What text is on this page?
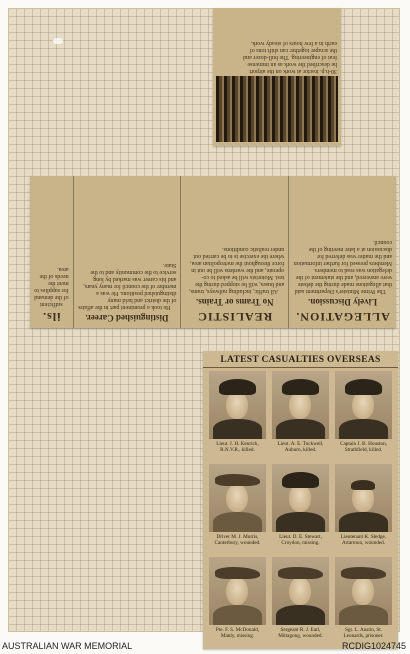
30-h.p. tractor at work on the airport
he described the work as an immense
feat of engineering. The bull-dozer and
the scraper together can shift tons of
earth in a few hours of steady work.
ALLEGATION.
Lively Discussion.
The Prime Minister's Department said that allegations made during the debate were answered, and the statement of the delegation was read to members. Members pressed for further information and the matter was deferred for discussion at a later meeting of the council.
REALISTIC
No Trams or Trains.
All traffic, including railways, trams, and buses, will be stopped during the test. Motorists will be asked to co-operate, and the wardens will be out in force throughout the metropolitan area, where the exercise is to be carried out under realistic conditions.
Distinguished Career.
He took a prominent part in the affairs of the district and held many distinguished positions. He was a member of the council for many years, and his career was marked by long service to the community and to the State.
ils.
sufficient of the demand for supplies to meet the needs of the area.
LATEST CASUALTIES OVERSEAS
Lieut. J. H. Kenrick, R.N.V.R., killed.
Lieut. A. E. Tuckwell, Auburn, killed.
Captain J. B. Houston, Strathfield, killed.
Driver M. J. Morris, Canterbury, wounded.
Lieut. D. E. Stewart, Croydon, missing.
Lieutenant K. Sledge, Artarmon, wounded.
Pte. F. S. McDonald, Manly, missing.
Sergeant R. J. Earl, Mittagong, wounded.
Sgt. L. Austin, St. Leonards, prisoner.
AUSTRALIAN WAR MEMORIAL	RCDIG1024745
